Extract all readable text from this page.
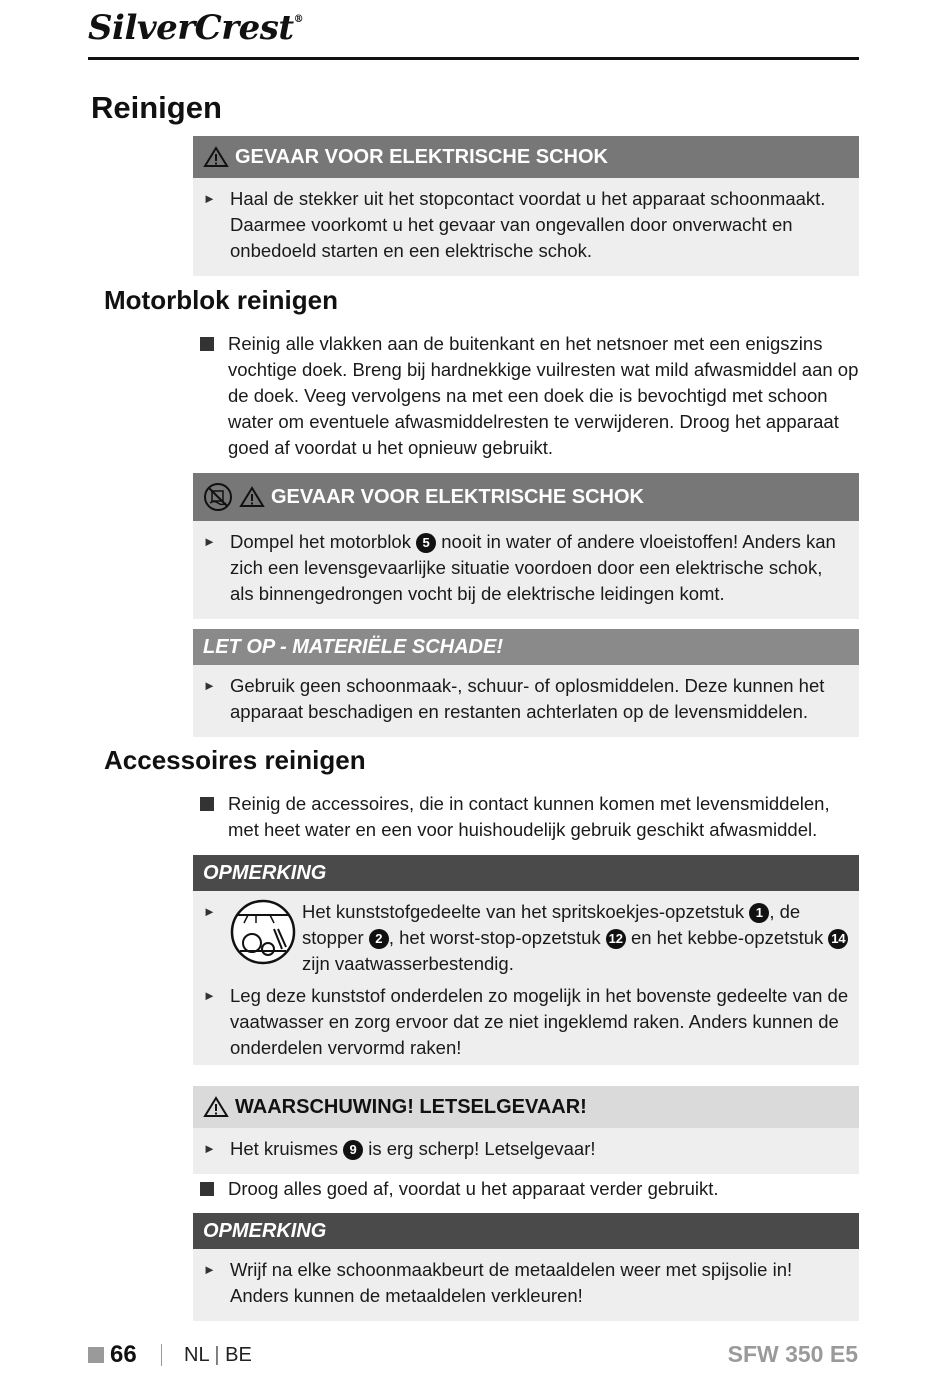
SilverCrest®
Reinigen
GEVAAR VOOR ELEKTRISCHE SCHOK
► Haal de stekker uit het stopcontact voordat u het apparaat schoonmaakt. Daarmee voorkomt u het gevaar van ongevallen door onverwacht en onbedoeld starten en een elektrische schok.
Motorblok reinigen
Reinig alle vlakken aan de buitenkant en het netsnoer met een enigszins vochtige doek. Breng bij hardnekkige vuilresten wat mild afwasmiddel aan op de doek. Veeg vervolgens na met een doek die is bevochtigd met schoon water om eventuele afwasmiddelresten te verwijderen. Droog het apparaat goed af voordat u het opnieuw gebruikt.
GEVAAR VOOR ELEKTRISCHE SCHOK
► Dompel het motorblok 5 nooit in water of andere vloeistoffen! Anders kan zich een levensgevaarlijke situatie voordoen door een elektrische schok, als binnengedrongen vocht bij de elektrische leidingen komt.
LET OP - MATERIËLE SCHADE!
► Gebruik geen schoonmaak-, schuur- of oplosmiddelen. Deze kunnen het apparaat beschadigen en restanten achterlaten op de levensmiddelen.
Accessoires reinigen
Reinig de accessoires, die in contact kunnen komen met levensmiddelen, met heet water en een voor huishoudelijk gebruik geschikt afwasmiddel.
OPMERKING
►	Het kunststofgedeelte van het spritskoekjes-opzetstuk 1 , de stopper 2 , het worst-stop-opzetstuk 12 en het kebbe-opzetstuk 14 zijn vaatwasserbestendig.
► Leg deze kunststof onderdelen zo mogelijk in het bovenste gedeelte van de vaatwasser en zorg ervoor dat ze niet ingeklemd raken. Anders kunnen de onderdelen vervormd raken!
WAARSCHUWING! LETSELGEVAAR!
► Het kruismes 9 is erg scherp! Letselgevaar!
Droog alles goed af, voordat u het apparaat verder gebruikt.
OPMERKING
► Wrijf na elke schoonmaakbeurt de metaaldelen weer met spijsolie in! Anders kunnen de metaaldelen verkleuren!
66 NL | BE	SFW 350 E5
